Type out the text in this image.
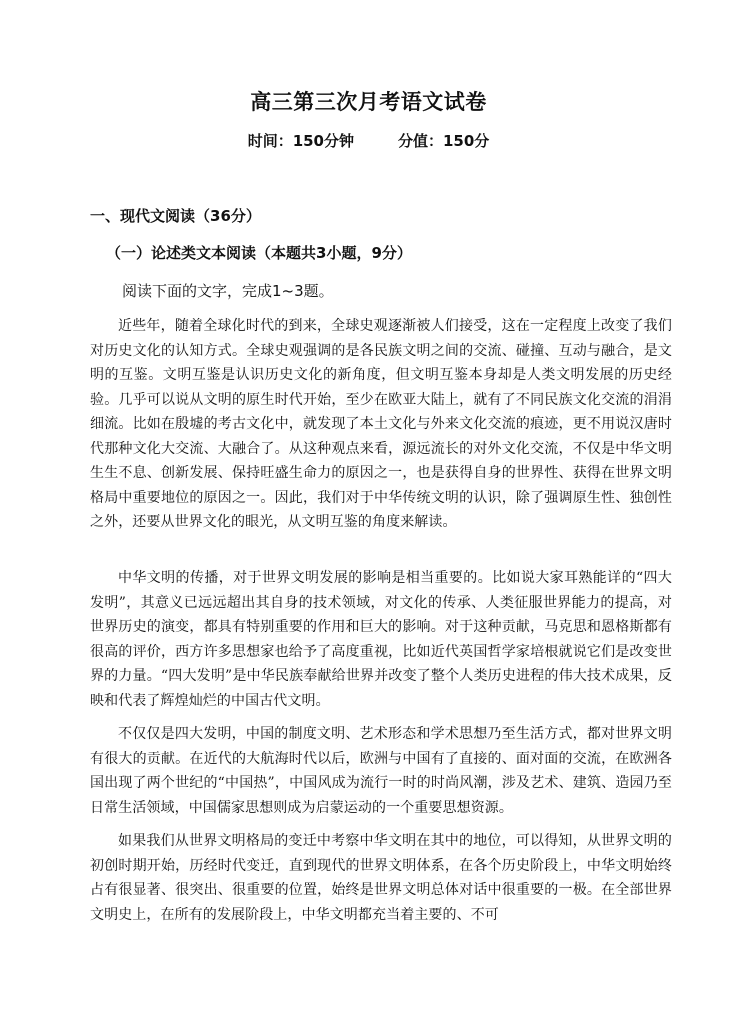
高三第三次月考语文试卷
时间：150分钟	分值：150分
一、现代文阅读（36分）
（一）论述类文本阅读（本题共3小题，9分）
阅读下面的文字，完成1~3题。
近些年，随着全球化时代的到来，全球史观逐渐被人们接受，这在一定程度上改变了我们对历史文化的认知方式。全球史观强调的是各民族文明之间的交流、碰撞、互动与融合，是文明的互鉴。文明互鉴是认识历史文化的新角度，但文明互鉴本身却是人类文明发展的历史经验。几乎可以说从文明的原生时代开始，至少在欧亚大陆上，就有了不同民族文化交流的涓涓细流。比如在殷墟的考古文化中，就发现了本土文化与外来文化交流的痕迹，更不用说汉唐时代那种文化大交流、大融合了。从这种观点来看，源远流长的对外文化交流，不仅是中华文明生生不息、创新发展、保持旺盛生命力的原因之一，也是获得自身的世界性、获得在世界文明格局中重要地位的原因之一。因此，我们对于中华传统文明的认识，除了强调原生性、独创性之外，还要从世界文化的眼光，从文明互鉴的角度来解读。
中华文明的传播，对于世界文明发展的影响是相当重要的。比如说大家耳熟能详的“四大发明”，其意义已远远超出其自身的技术领域，对文化的传承、人类征服世界能力的提高，对世界历史的演变，都具有特别重要的作用和巨大的影响。对于这种贡献，马克思和恩格斯都有很高的评价，西方许多思想家也给予了高度重视，比如近代英国哲学家培根就说它们是改变世界的力量。“四大发明”是中华民族奉献给世界并改变了整个人类历史进程的伟大技术成果，反映和代表了辉煌灿烂的中国古代文明。
不仅仅是四大发明，中国的制度文明、艺术形态和学术思想乃至生活方式，都对世界文明有很大的贡献。在近代的大航海时代以后，欧洲与中国有了直接的、面对面的交流，在欧洲各国出现了两个世纪的“中国热”，中国风成为流行一时的时尚风潮，涉及艺术、建筑、造园乃至日常生活领域，中国儒家思想则成为启蒙运动的一个重要思想资源。
如果我们从世界文明格局的变迁中考察中华文明在其中的地位，可以得知，从世界文明的初创时期开始，历经时代变迁，直到现代的世界文明体系，在各个历史阶段上，中华文明始终占有很显著、很突出、很重要的位置，始终是世界文明总体对话中很重要的一极。在全部世界文明史上，在所有的发展阶段上，中华文明都充当着主要的、不可
